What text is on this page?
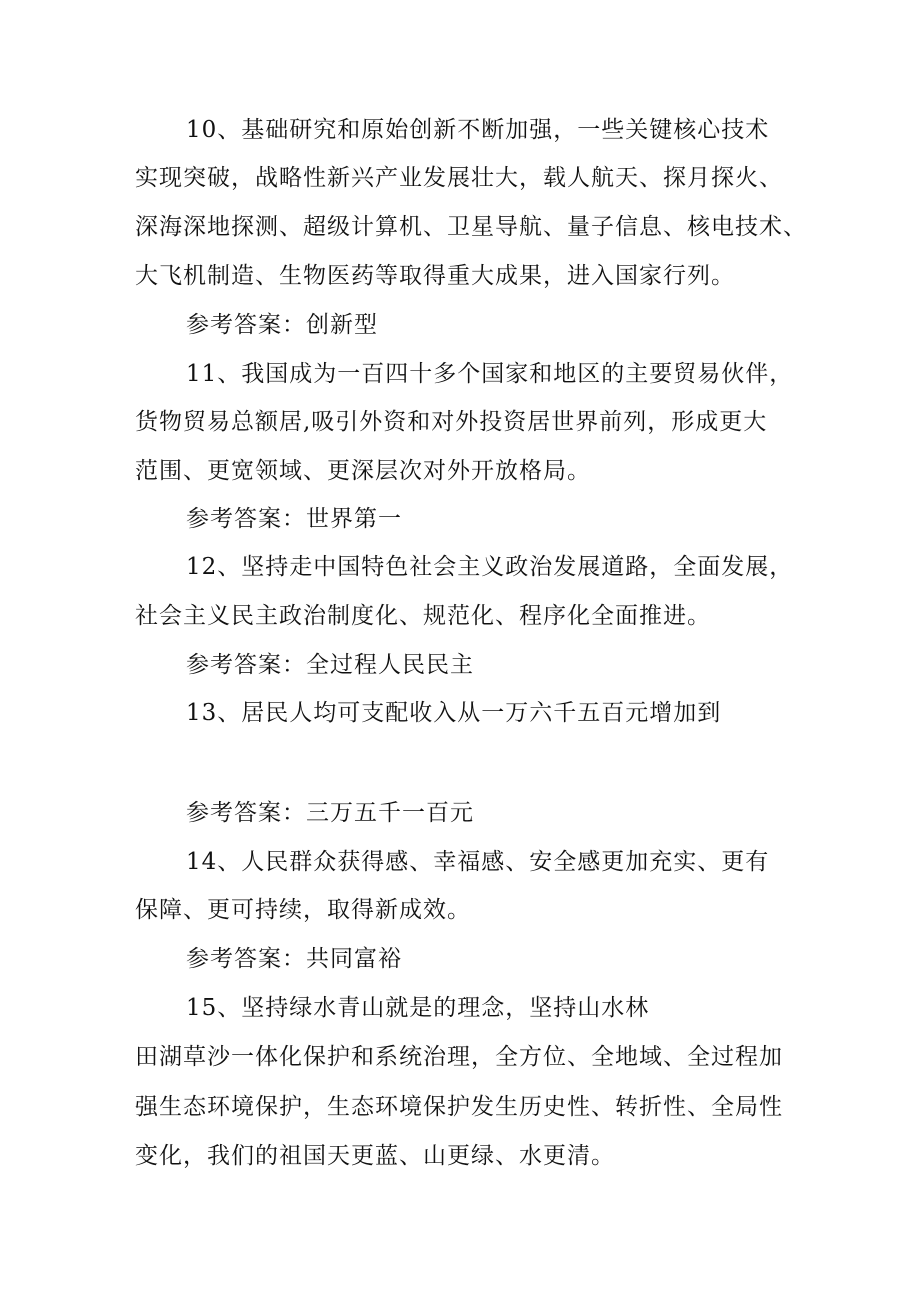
10、基础研究和原始创新不断加强，一些关键核心技术
实现突破，战略性新兴产业发展壮大，载人航天、探月探火、
深海深地探测、超级计算机、卫星导航、量子信息、核电技术、
大飞机制造、生物医药等取得重大成果，进入国家行列。
参考答案：创新型
11、我国成为一百四十多个国家和地区的主要贸易伙伴，
货物贸易总额居,吸引外资和对外投资居世界前列，形成更大
范围、更宽领域、更深层次对外开放格局。
参考答案：世界第一
12、坚持走中国特色社会主义政治发展道路，全面发展，
社会主义民主政治制度化、规范化、程序化全面推进。
参考答案：全过程人民民主
13、居民人均可支配收入从一万六千五百元增加到
参考答案：三万五千一百元
14、人民群众获得感、幸福感、安全感更加充实、更有
保障、更可持续，取得新成效。
参考答案：共同富裕
15、坚持绿水青山就是的理念，坚持山水林
田湖草沙一体化保护和系统治理，全方位、全地域、全过程加
强生态环境保护，生态环境保护发生历史性、转折性、全局性
变化，我们的祖国天更蓝、山更绿、水更清。
